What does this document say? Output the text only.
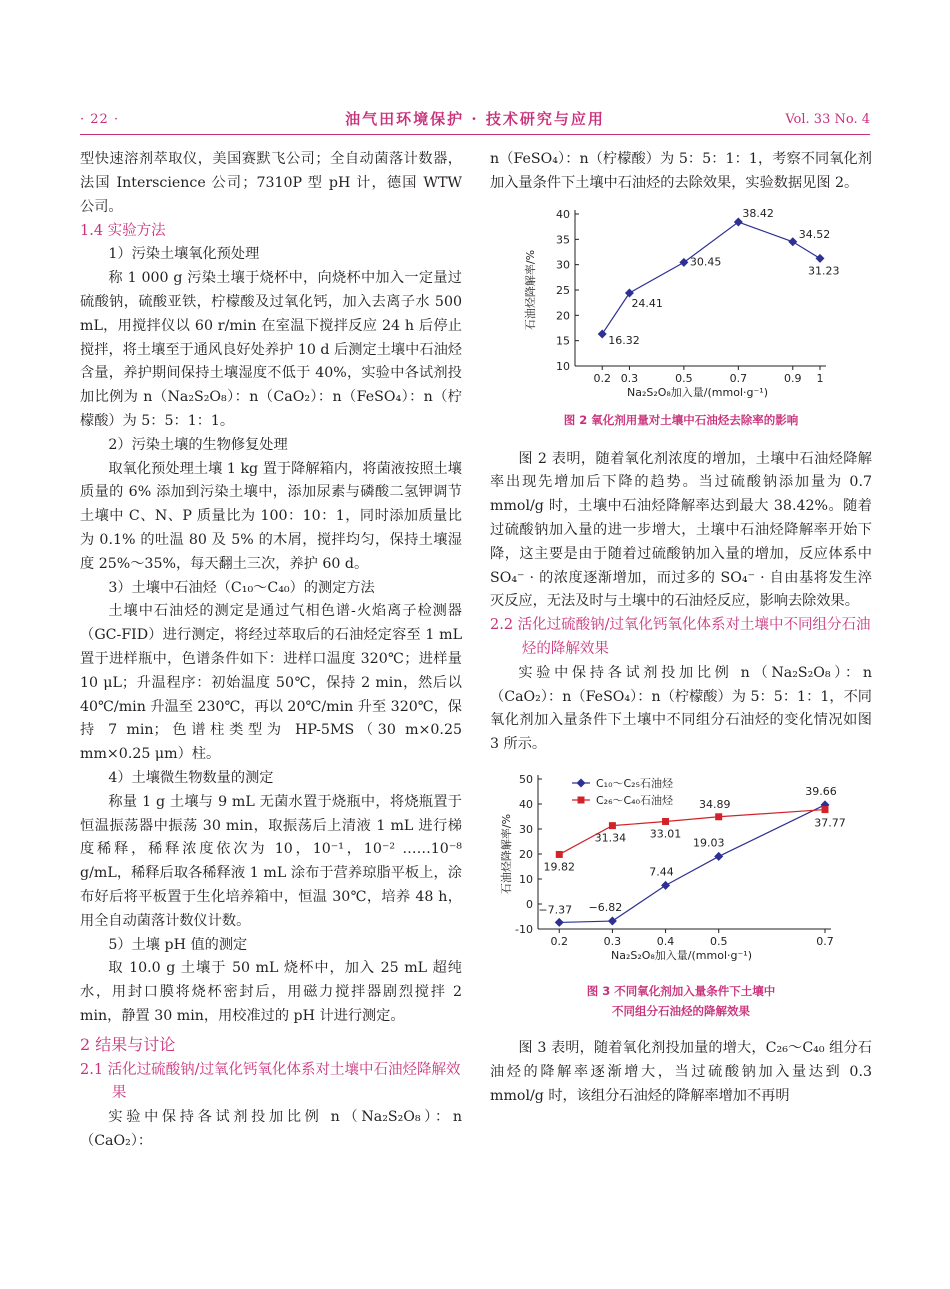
· 22 ·	油气田环境保护 · 技术研究与应用	Vol. 33 No. 4

型快速溶剂萃取仪，美国赛默飞公司；全自动菌落计数器，法国 Interscience 公司；7310P 型 pH 计，德国 WTW 公司。

1.4 实验方法

1）污染土壤氧化预处理

称 1 000 g 污染土壤于烧杯中，向烧杯中加入一定量过硫酸钠，硫酸亚铁，柠檬酸及过氧化钙，加入去离子水 500 mL，用搅拌仪以 60 r/min 在室温下搅拌反应 24 h 后停止搅拌，将土壤至于通风良好处养护 10 d 后测定土壤中石油烃含量，养护期间保持土壤湿度不低于 40%，实验中各试剂投加比例为 n（Na₂S₂O₈）：n（CaO₂）：n（FeSO₄）：n（柠檬酸）为 5：5：1：1。

2）污染土壤的生物修复处理

取氧化预处理土壤 1 kg 置于降解箱内，将菌液按照土壤质量的 6% 添加到污染土壤中，添加尿素与磷酸二氢钾调节土壤中 C、N、P 质量比为 100：10：1，同时添加质量比为 0.1% 的吐温 80 及 5% 的木屑，搅拌均匀，保持土壤湿度 25%～35%，每天翻土三次，养护 60 d。

3）土壤中石油烃（C₁₀～C₄₀）的测定方法

土壤中石油烃的测定是通过气相色谱-火焰离子检测器（GC-FID）进行测定，将经过萃取后的石油烃定容至 1 mL 置于进样瓶中，色谱条件如下：进样口温度 320℃；进样量 10 μL；升温程序：初始温度 50℃，保持 2 min，然后以 40℃/min 升温至 230℃，再以 20℃/min 升至 320℃，保持 7 min；色谱柱类型为 HP-5MS（30 m×0.25 mm×0.25 μm）柱。

4）土壤微生物数量的测定

称量 1 g 土壤与 9 mL 无菌水置于烧瓶中，将烧瓶置于恒温振荡器中振荡 30 min，取振荡后上清液 1 mL 进行梯度稀释，稀释浓度依次为 10，10⁻¹，10⁻² ……10⁻⁸ g/mL，稀释后取各稀释液 1 mL 涂布于营养琼脂平板上，涂布好后将平板置于生化培养箱中，恒温 30℃，培养 48 h，用全自动菌落计数仪计数。

5）土壤 pH 值的测定

取 10.0 g 土壤于 50 mL 烧杯中，加入 25 mL 超纯水，用封口膜将烧杯密封后，用磁力搅拌器剧烈搅拌 2 min，静置 30 min，用校准过的 pH 计进行测定。

2 结果与讨论
2.1 活化过硫酸钠/过氧化钙氧化体系对土壤中石油烃降解效果

实验中保持各试剂投加比例 n（Na₂S₂O₈）：n（CaO₂）：

n（FeSO₄）：n（柠檬酸）为 5：5：1：1，考察不同氧化剂加入量条件下土壤中石油烃的去除效果，实验数据见图 2。

10
15
20
25
30
35
40
0.2 0.3	0.5	0.7	0.9 1
Na₂S₂O₈加入量/(mmol·g⁻¹)
石油烃降解率/%
16.32
24.41
30.45
38.42
34.52
31.23
图 2 氧化剂用量对土壤中石油烃去除率的影响

图 2 表明，随着氧化剂浓度的增加，土壤中石油烃降解率出现先增加后下降的趋势。当过硫酸钠添加量为 0.7 mmol/g 时，土壤中石油烃降解率达到最大 38.42%。随着过硫酸钠加入量的进一步增大，土壤中石油烃降解率开始下降，这主要是由于随着过硫酸钠加入量的增加，反应体系中 SO₄⁻ · 的浓度逐渐增加，而过多的 SO₄⁻ · 自由基将发生淬灭反应，无法及时与土壤中的石油烃反应，影响去除效果。

2.2 活化过硫酸钠/过氧化钙氧化体系对土壤中不同组分石油烃的降解效果

实验中保持各试剂投加比例 n（Na₂S₂O₈）：n（CaO₂）：n（FeSO₄）：n（柠檬酸）为 5：5：1：1，不同氧化剂加入量条件下土壤中不同组分石油烃的变化情况如图 3 所示。

-10
0
10
20
30
40
50
0.2	0.3	0.4	0.5	0.7
Na₂S₂O₈加入量/(mmol·g⁻¹)
石油烃降解率/%
−7.37 −6.82
7.44
19.03
39.66
19.82
31.34 33.01
34.89
37.77
C₁₀～C₂₅石油烃
C₂₆～C₄₀石油烃
图 3 不同氧化剂加入量条件下土壤中
不同组分石油烃的降解效果

图 3 表明，随着氧化剂投加量的增大，C₂₆～C₄₀ 组分石油烃的降解率逐渐增大，当过硫酸钠加入量达到 0.3 mmol/g 时，该组分石油烃的降解率增加不再明
